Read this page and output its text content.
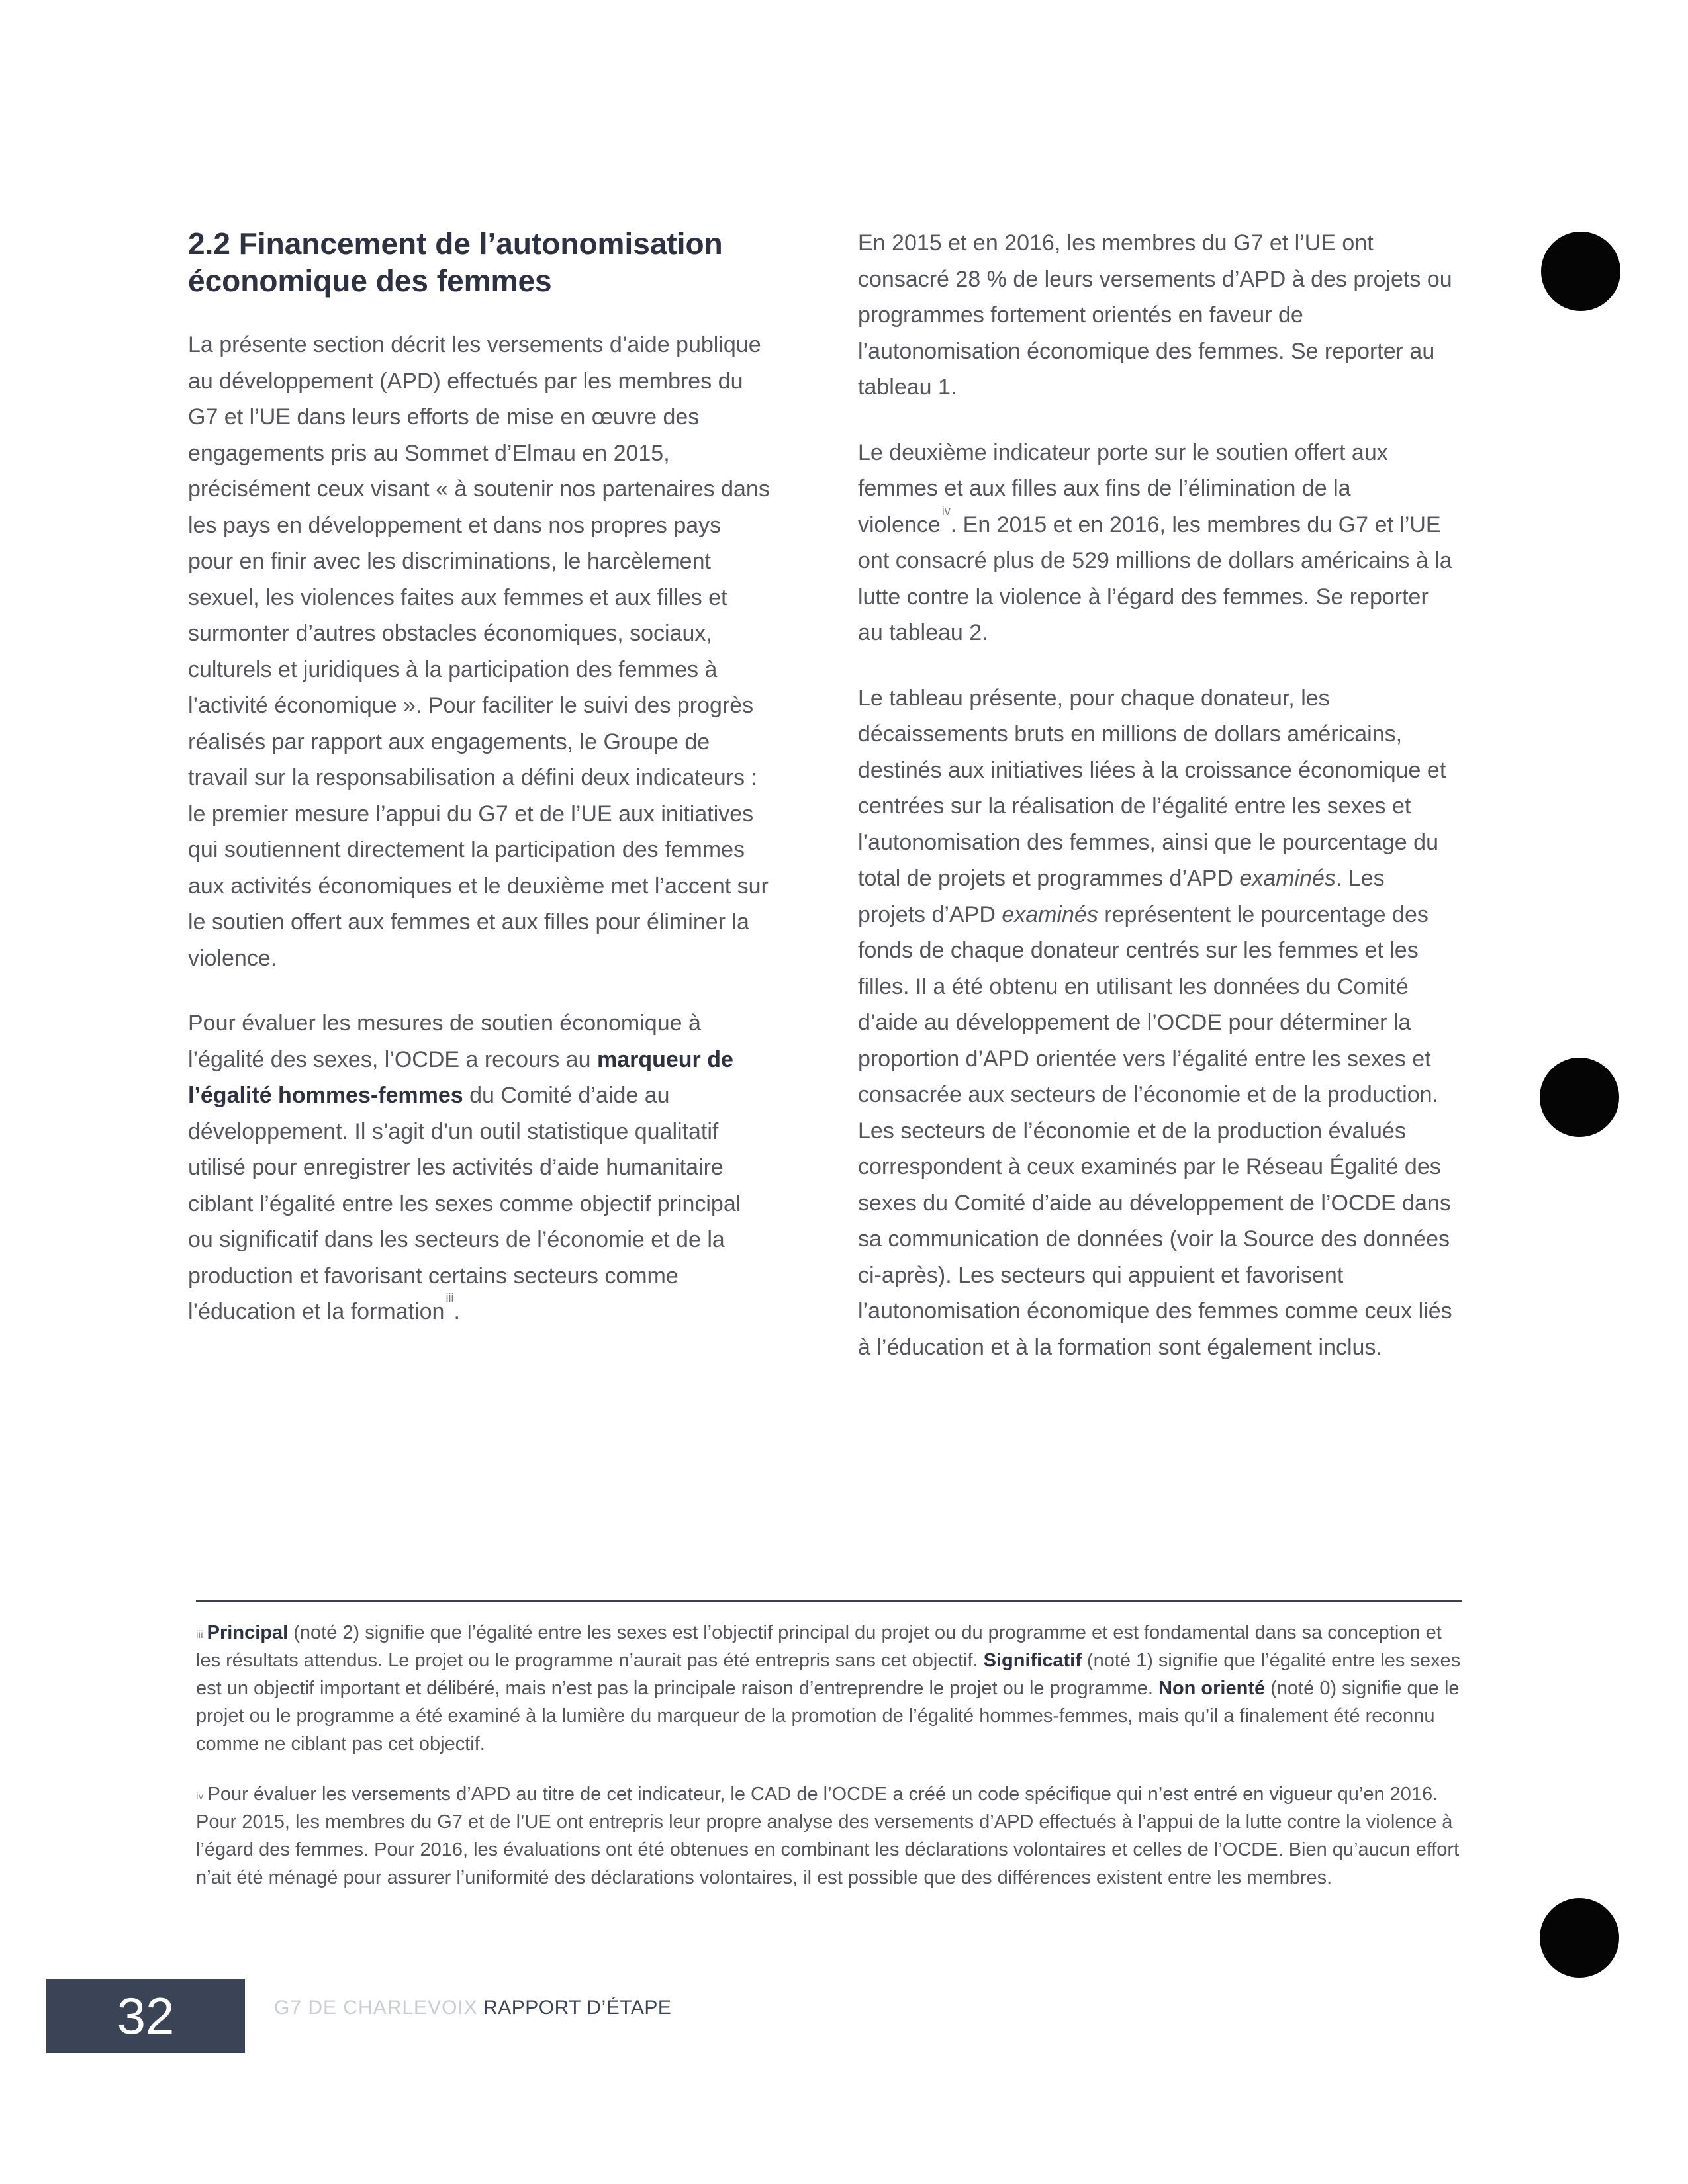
2.2 Financement de l’autonomisation économique des femmes

La présente section décrit les versements d’aide publique au développement (APD) effectués par les membres du G7 et l’UE dans leurs efforts de mise en œuvre des engagements pris au Sommet d’Elmau en 2015, précisément ceux visant « à soutenir nos partenaires dans les pays en développement et dans nos propres pays pour en finir avec les discriminations, le harcèlement sexuel, les violences faites aux femmes et aux filles et surmonter d’autres obstacles économiques, sociaux, culturels et juridiques à la participation des femmes à l’activité économique ». Pour faciliter le suivi des progrès réalisés par rapport aux engagements, le Groupe de travail sur la responsabilisation a défini deux indicateurs : le premier mesure l’appui du G7 et de l’UE aux initiatives qui soutiennent directement la participation des femmes aux activités économiques et le deuxième met l’accent sur le soutien offert aux femmes et aux filles pour éliminer la violence.

Pour évaluer les mesures de soutien économique à l’égalité des sexes, l’OCDE a recours au marqueur de l’égalité hommes-femmes du Comité d’aide au développement. Il s’agit d’un outil statistique qualitatif utilisé pour enregistrer les activités d’aide humanitaire ciblant l’égalité entre les sexes comme objectif principal ou significatif dans les secteurs de l’économie et de la production et favorisant certains secteurs comme l’éducation et la formation$^{iii}$.

En 2015 et en 2016, les membres du G7 et l’UE ont consacré 28 % de leurs versements d’APD à des projets ou programmes fortement orientés en faveur de l’autonomisation économique des femmes. Se reporter au tableau 1.

Le deuxième indicateur porte sur le soutien offert aux femmes et aux filles aux fins de l’élimination de la violence$^{iv}$. En 2015 et en 2016, les membres du G7 et l’UE ont consacré plus de 529 millions de dollars américains à la lutte contre la violence à l’égard des femmes. Se reporter au tableau 2.

Le tableau présente, pour chaque donateur, les décaissements bruts en millions de dollars américains, destinés aux initiatives liées à la croissance économique et centrées sur la réalisation de l’égalité entre les sexes et l’autonomisation des femmes, ainsi que le pourcentage du total de projets et programmes d’APD examinés. Les projets d’APD examinés représentent le pourcentage des fonds de chaque donateur centrés sur les femmes et les filles. Il a été obtenu en utilisant les données du Comité d’aide au développement de l’OCDE pour déterminer la proportion d’APD orientée vers l’égalité entre les sexes et consacrée aux secteurs de l’économie et de la production. Les secteurs de l’économie et de la production évalués correspondent à ceux examinés par le Réseau Égalité des sexes du Comité d’aide au développement de l’OCDE dans sa communication de données (voir la Source des données ci-après). Les secteurs qui appuient et favorisent l’autonomisation économique des femmes comme ceux liés à l’éducation et à la formation sont également inclus.

$^{iii}$ Principal (noté 2) signifie que l’égalité entre les sexes est l’objectif principal du projet ou du programme et est fondamental dans sa conception et les résultats attendus. Le projet ou le programme n’aurait pas été entrepris sans cet objectif. Significatif (noté 1) signifie que l’égalité entre les sexes est un objectif important et délibéré, mais n’est pas la principale raison d’entreprendre le projet ou le programme. Non orienté (noté 0) signifie que le projet ou le programme a été examiné à la lumière du marqueur de la promotion de l’égalité hommes-femmes, mais qu’il a finalement été reconnu comme ne ciblant pas cet objectif.

$^{iv}$ Pour évaluer les versements d’APD au titre de cet indicateur, le CAD de l’OCDE a créé un code spécifique qui n’est entré en vigueur qu’en 2016. Pour 2015, les membres du G7 et de l’UE ont entrepris leur propre analyse des versements d’APD effectués à l’appui de la lutte contre la violence à l’égard des femmes. Pour 2016, les évaluations ont été obtenues en combinant les déclarations volontaires et celles de l’OCDE. Bien qu’aucun effort n’ait été ménagé pour assurer l’uniformité des déclarations volontaires, il est possible que des différences existent entre les membres.

32	G7 DE CHARLEVOIX RAPPORT D’ÉTAPE
